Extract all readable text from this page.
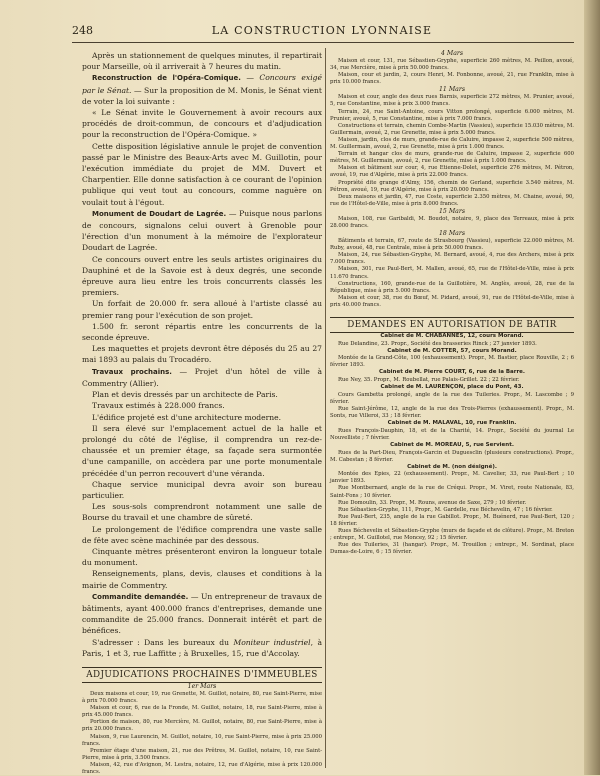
248	LA CONSTRUCTION LYONNAISE

Après un stationnement de quelques minutes, il repartirait pour Marseille, où il arriverait à 7 heures du matin.

Reconstruction de l'Opéra-Comique. — Concours exigé par le Sénat. — Sur la proposition de M. Monis, le Sénat vient de voter la loi suivante :

« Le Sénat invite le Gouvernement à avoir recours aux procédés de droit-commun, de concours et d'adjudication pour la reconstruction de l'Opéra-Comique. »

Cette disposition législative annule le projet de convention passé par le Ministre des Beaux-Arts avec M. Guillotin, pour l'exécution immédiate du projet de MM. Duvert et Charpentier. Elle donne satisfaction à ce courant de l'opinion publique qui veut tout au concours, comme naguère on voulait tout à l'égout.

Monument de Doudart de Lagrée. — Puisque nous parlons de concours, signalons celui ouvert à Grenoble pour l'érection d'un monument à la mémoire de l'explorateur Doudart de Lagrée.

Ce concours ouvert entre les seuls artistes originaires du Dauphiné et de la Savoie est à deux degrés, une seconde épreuve aura lieu entre les trois concurrents classés les premiers.

Un forfait de 20.000 fr. sera alloué à l'artiste classé au premier rang pour l'exécution de son projet.

1.500 fr. seront répartis entre les concurrents de la seconde épreuve.

Les maquettes et projets devront être déposés du 25 au 27 mai 1893 au palais du Trocadéro.

Travaux prochains. — Projet d'un hôtel de ville à Commentry (Allier).

Plan et devis dressés par un architecte de Paris.

Travaux estimés à 228.000 francs.

L'édifice projeté est d'une architecture moderne.

Il sera élevé sur l'emplacement actuel de la halle et prolongé du côté de l'église, il comprendra un rez-de-chaussée et un premier étage, sa façade sera surmontée d'une campanille, on accèdera par une porte monumentale précédée d'un perron recouvert d'une véranda.

Chaque service municipal devra avoir son bureau particulier.

Les sous-sols comprendront notamment une salle de Bourse du travail et une chambre de sûreté.

Le prolongement de l'édifice comprendra une vaste salle de fête avec scène machinée par des dessous.

Cinquante mètres présenteront environ la longueur totale du monument.

Renseignements, plans, devis, clauses et conditions à la mairie de Commentry.

Commandite demandée. — Un entrepreneur de travaux de bâtiments, ayant 400.000 francs d'entreprises, demande une commandite de 25.000 francs. Donnerait intérêt et part de bénéfices.

S'adresser : Dans les bureaux du Moniteur industriel, à Paris, 1 et 3, rue Laffitte ; à Bruxelles, 15, rue d'Accolay.

ADJUDICATIONS PROCHAINES D'IMMEUBLES

1er Mars

Deux maisons et cour, 19, rue Grenette, M. Guillot, notaire, 80, rue Saint-Pierre, mise à prix 70.000 francs.

Maison et cour, 6, rue de la Fronde, M. Guillot, notaire, 18, rue Saint-Pierre, mise à prix 45.000 francs.

Portion de maison, 80, rue Mercière, M. Guillot, notaire, 80, rue Saint-Pierre, mise à prix 20.000 francs.

Maison, 9, rue Laurencin, M. Guillot, notaire, 10, rue Saint-Pierre, mise à prix 25.000 francs.

Premier étage d'une maison, 21, rue des Prêtres, M. Guillot, notaire, 10, rue Saint-Pierre, mise à prix, 3.500 francs.

Maison, 42, rue d'Avignon, M. Lestra, notaire, 12, rue d'Algérie, mise à prix 120.000 francs.

4 Mars

Maison et cour, 131, rue Sébastien-Gryphe, superficie 260 mètres, M. Peillon, avoué, 34, rue Mercière, mise à prix 50.000 francs.

Maison, cour et jardin, 2, cours Henri, M. Fonbonne, avoué, 21, rue Franklin, mise à prix 10.000 francs.

11 Mars

Maison et cour, angle des deux rues Barnis, superficie 272 mètres, M. Prunier, avoué, 5, rue Constantine, mise à prix 3.000 francs.

Terrain, 24, rue Saint-Antoine, cours Vitton prolongé, superficie 6.000 mètres, M. Prunier, avoué, 5, rue Constantine, mise à prix 7.000 francs.

Constructions et terrain, chemin Combe-Martin (Vassieu), superficie 15.030 mètres, M. Guillermain, avoué, 2, rue Grenette, mise à prix 5.000 francs.

Maison, jardin, clos de murs, grande-rue de Caluire, impasse 2, superficie 500 mètres, M. Guillermain, avoué, 2, rue Grenette, mise à prix 1.000 francs.

Terrain et hangar clos de murs, grande-rue de Caluire, impasse 2, superficie 600 mètres, M. Guillermain, avoué, 2, rue Grenette, mise à prix 1.000 francs.

Maison et bâtiment sur cour, 4, rue Etienne-Dolet, superficie 276 mètres, M. Pétron, avoué, 19, rue d'Algérie, mise à prix 22.000 francs.

Propriété dite grange d'Almy, 156, chemin de Gerland, superficie 3.540 mètres, M. Pétron, avoué, 19, rue d'Algérie, mise à prix 20.000 francs.

Deux maisons et jardin, 47, rue Coste, superficie 2.350 mètres, M. Chaine, avoué, 90, rue de l'Hôtel-de-Ville, mise à prix 8.000 francs.

15 Mars

Maison, 108, rue Garibaldi, M. Boudot, notaire, 9, place des Terreaux, mise à prix 28.000 francs.

18 Mars

Bâtiments et terrain, 67, route de Strasbourg (Vassieu), superficie 22.000 mètres, M. Ruby, avoué, 48, rue Centrale, mise à prix 50.000 francs.

Maison, 24, rue Sébastien-Gryphe, M. Bernard, avoué, 4, rue des Archers, mise à prix 7.000 francs.

Maison, 301, rue Paul-Bert, M. Mallen, avoué, 65, rue de l'Hôtel-de-Ville, mise à prix 11.670 francs.

Constructions, 160, grande-rue de la Guillotière, M. Anglès, avoué, 28, rue de la République, mise à prix 5.000 francs.

Maison et cour, 38, rue du Bœuf, M. Pidard, avoué, 91, rue de l'Hôtel-de-Ville, mise à prix 40.000 francs.

DEMANDES EN AUTORISATION DE BATIR

Cabinet de M. CHABANNES, 12, cours Morand.

Rue Delandine, 23. Propr., Société des brasseries Rinck ; 27 janvier 1893.

Cabinet de M. COTTER, 57, cours Morand.

Montée de la Grand-Côte, 100 (exhaussement). Propr., M. Bastier, place Rouville, 2 ; 6 février 1893.

Cabinet de M. Pierre COURT, 6, rue de la Barre.

Rue Ney, 35. Propr., M. Roubellat, rue Palais-Grillet. 22 ; 22 février.

Cabinet de M. LAURENÇON, place du Pont, 43.

Cours Gambetta prolongé, angle de la rue des Tuileries. Propr., M. Lascombe ; 9 février.

Rue Saint-Jérôme, 12, angle de la rue des Trois-Pierres (exhaussement). Propr., M. Sonts, rue Villeroi, 33 ; 18 février.

Cabinet de M. MALAVAL, 10, rue Franklin.

Rues François-Dauphin, 18, et de la Charité, 14. Propr., Société du journal Le Nouvelliste ; 7 février.

Cabinet de M. MOREAU, 5, rue Servient.

Rues de la Part-Dieu, François-Garcin et Duguesclin (plusieurs constructions). Propr., M. Cabestan ; 8 février.

Cabinet de M. (non désigné).

Montée des Epies, 22 (exhaussement). Propr., M. Cavelier, 33, rue Paul-Bert ; 10 janvier 1893.

Rue Montbernard, angle de la rue de Créqui. Propr., M. Viret, route Nationale, 83, Saint-Fons ; 10 février.

Rue Domoulin, 33. Propr., M. Rouns, avenue de Saxe, 279 ; 10 février.

Rue Sébastien-Gryphe, 111, Propr., M. Gardelle, rue Béchevelin, 47 ; 16 février.

Rue Paul-Bert, 235, angle de la rue Gabillot. Propr., M. Buénerd, rue Paul-Bert, 120 ; 18 février.

Rues Béchevelin et Sébastien-Gryphe (murs de façade et de clôture). Propr., M. Breton ; entrepr., M. Guillotel, rue Moncey, 92 ; 15 février.

Rue des Tuileries, 31 (hangar). Propr., M. Trouillon ; entrepr., M. Sordinat, place Dumas-de-Loire, 6 ; 15 février.
